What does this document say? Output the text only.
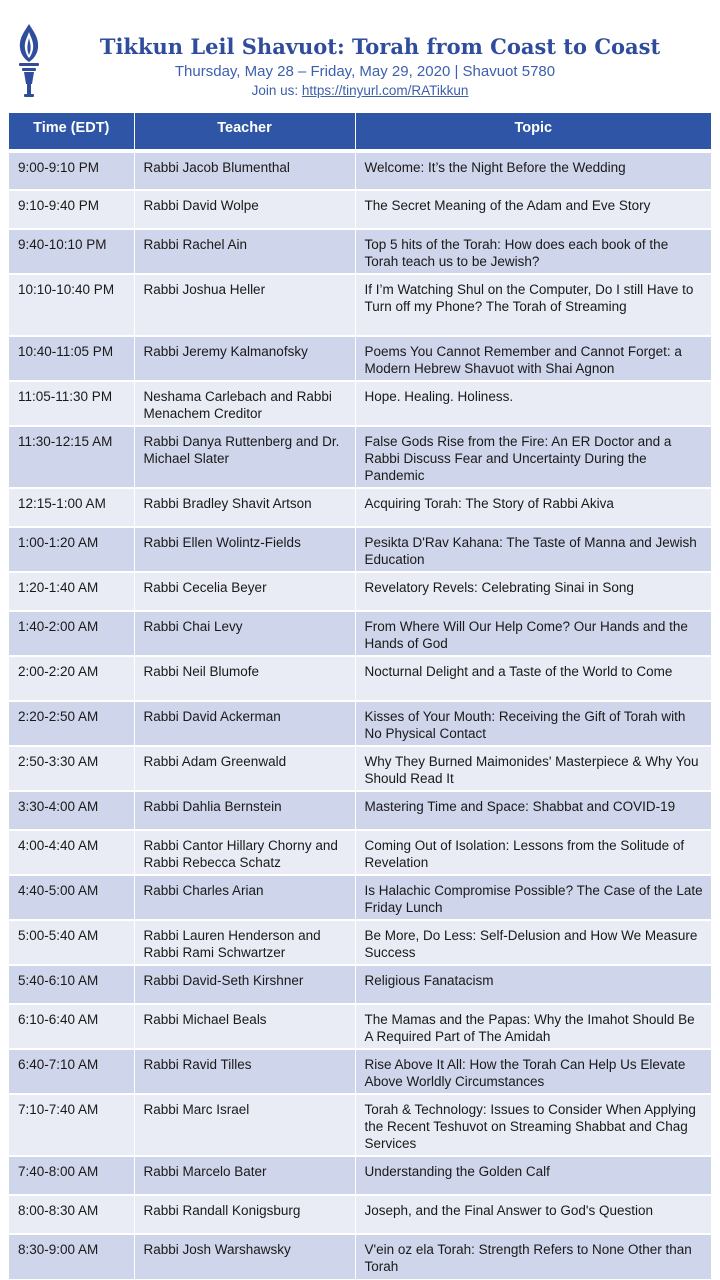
Tikkun Leil Shavuot: Torah from Coast to Coast
Thursday, May 28 – Friday, May 29, 2020 | Shavuot 5780
Join us: https://tinyurl.com/RATikkun
Time (EDT)	Teacher	Topic
9:00-9:10 PM	Rabbi Jacob Blumenthal	Welcome: It’s the Night Before the Wedding
9:10-9:40 PM	Rabbi David Wolpe	The Secret Meaning of the Adam and Eve Story
9:40-10:10 PM	Rabbi Rachel Ain	Top 5 hits of the Torah: How does each book of the Torah teach us to be Jewish?
10:10-10:40 PM	Rabbi Joshua Heller	If I’m Watching Shul on the Computer, Do I still Have to Turn off my Phone? The Torah of Streaming
10:40-11:05 PM	Rabbi Jeremy Kalmanofsky	Poems You Cannot Remember and Cannot Forget: a Modern Hebrew Shavuot with Shai Agnon
11:05-11:30 PM	Neshama Carlebach and Rabbi Menachem Creditor	Hope. Healing. Holiness.
11:30-12:15 AM	Rabbi Danya Ruttenberg and Dr. Michael Slater	False Gods Rise from the Fire: An ER Doctor and a Rabbi Discuss Fear and Uncertainty During the Pandemic
12:15-1:00 AM	Rabbi Bradley Shavit Artson	Acquiring Torah: The Story of Rabbi Akiva
1:00-1:20 AM	Rabbi Ellen Wolintz-Fields	Pesikta D'Rav Kahana: The Taste of Manna and Jewish Education
1:20-1:40 AM	Rabbi Cecelia Beyer	Revelatory Revels: Celebrating Sinai in Song
1:40-2:00 AM	Rabbi Chai Levy	From Where Will Our Help Come? Our Hands and the Hands of God
2:00-2:20 AM	Rabbi Neil Blumofe	Nocturnal Delight and a Taste of the World to Come
2:20-2:50 AM	Rabbi David Ackerman	Kisses of Your Mouth: Receiving the Gift of Torah with No Physical Contact
2:50-3:30 AM	Rabbi Adam Greenwald	Why They Burned Maimonides' Masterpiece & Why You Should Read It
3:30-4:00 AM	Rabbi Dahlia Bernstein	Mastering Time and Space: Shabbat and COVID-19
4:00-4:40 AM	Rabbi Cantor Hillary Chorny and Rabbi Rebecca Schatz	Coming Out of Isolation: Lessons from the Solitude of Revelation
4:40-5:00 AM	Rabbi Charles Arian	Is Halachic Compromise Possible? The Case of the Late Friday Lunch
5:00-5:40 AM	Rabbi Lauren Henderson and Rabbi Rami Schwartzer	Be More, Do Less: Self-Delusion and How We Measure Success
5:40-6:10 AM	Rabbi David-Seth Kirshner	Religious Fanatacism
6:10-6:40 AM	Rabbi Michael Beals	The Mamas and the Papas: Why the Imahot Should Be A Required Part of The Amidah
6:40-7:10 AM	Rabbi Ravid Tilles	Rise Above It All: How the Torah Can Help Us Elevate Above Worldly Circumstances
7:10-7:40 AM	Rabbi Marc Israel	Torah & Technology: Issues to Consider When Applying the Recent Teshuvot on Streaming Shabbat and Chag Services
7:40-8:00 AM	Rabbi Marcelo Bater	Understanding the Golden Calf
8:00-8:30 AM	Rabbi Randall Konigsburg	Joseph, and the Final Answer to God's Question
8:30-9:00 AM	Rabbi Josh Warshawsky	V'ein oz ela Torah: Strength Refers to None Other than Torah
